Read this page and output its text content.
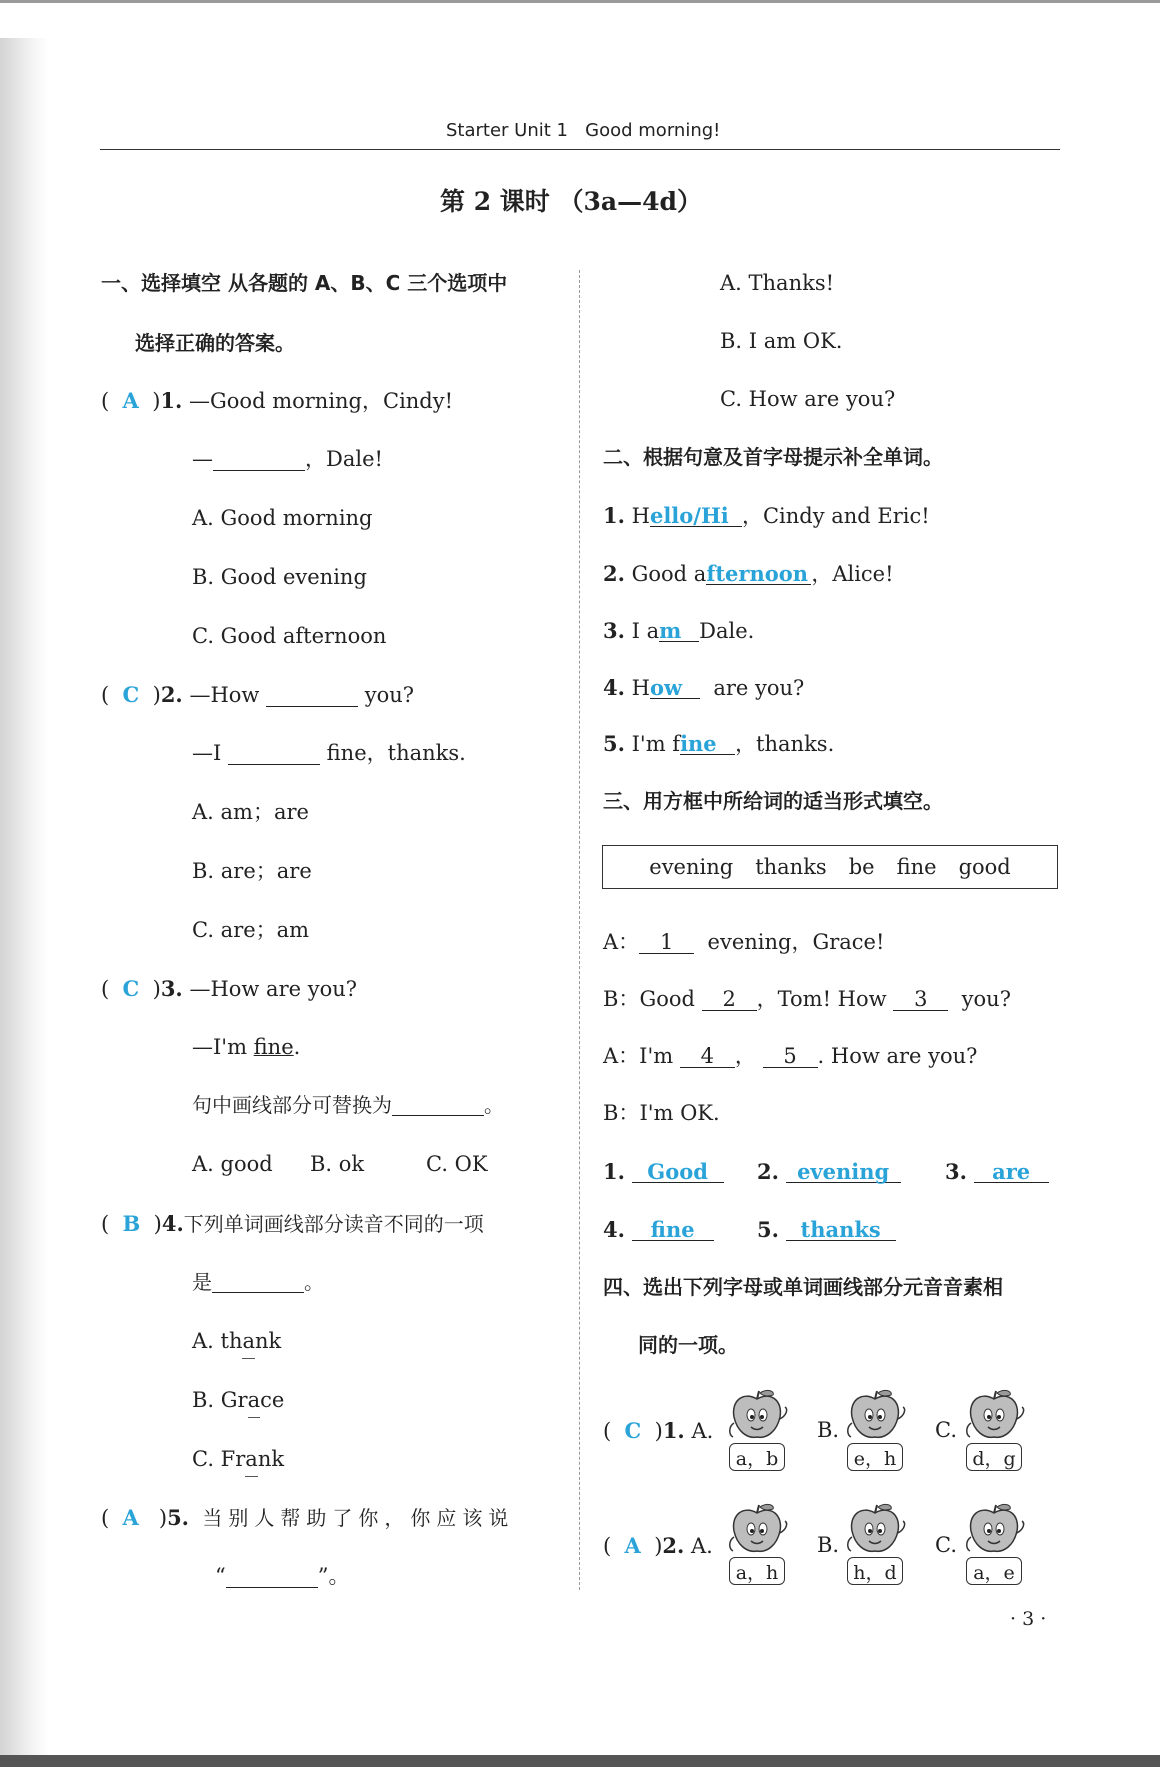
Starter Unit 1 Good morning!
第 2 课时 （3a—4d）
一、选择填空 从各题的 A、B、C 三个选项中
选择正确的答案。
(  A  )1. —Good morning，Cindy!
—	，Dale!
A. Good morning
B. Good evening
C. Good afternoon
(  C  )2. —How	you?
—I	fine，thanks.
A. am；are
B. are；are
C. are；am
(  C  )3. —How are you?
—I'm fine.
句中画线部分可替换为	。
A. good B. ok	C. OK
(  B  )4.下列单词画线部分读音不同的一项
是	。
A. thank
B. Grace
C. Frank
(  A   )5. 当别人帮助了你，你应该说
“	”。
A. Thanks!
B. I am OK.
C. How are you?
二、根据句意及首字母提示补全单词。
1. Hello/Hi ，Cindy and Eric!
2. Good afternoon ，Alice!
3. I am Dale.
4. How are you?
5. I'm fine ，thanks.
三、用方框中所给词的适当形式填空。
evening thanks be fine good
A： 1 evening，Grace!
B：Good 2 ，Tom! How 3 you?
A：I'm 4 ， 5 . How are you?
B：I'm OK.
1. Good	2. evening	3. are
4. fine	5. thanks
四、选出下列字母或单词画线部分元音音素相
同的一项。
(  C  )1. A.	B.	C.
a，b	e，h	d，g
(  A  )2. A.	B.	C.
a，h	h，d	a，e
· 3 ·
